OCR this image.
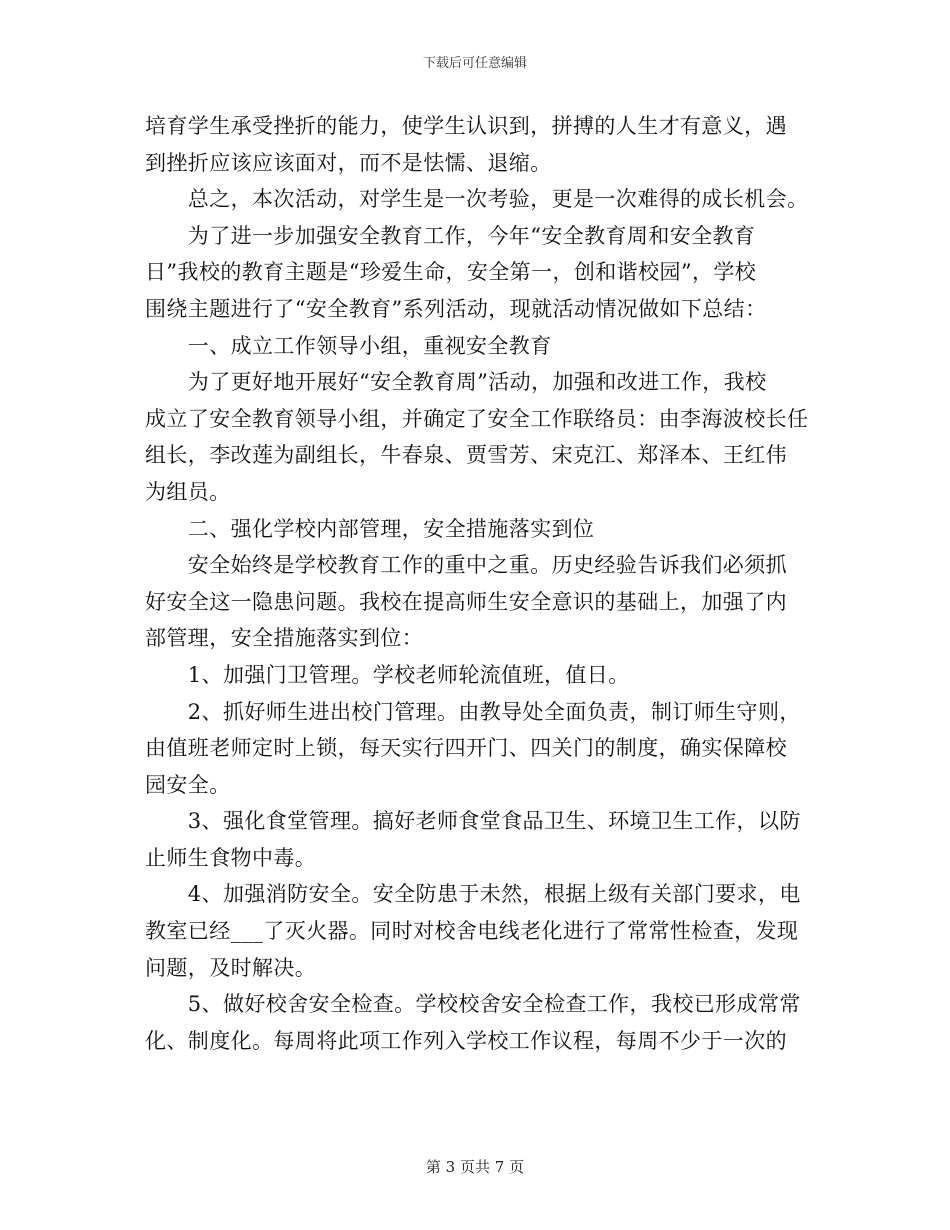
下载后可任意编辑
培育学生承受挫折的能力，使学生认识到，拼搏的人生才有意义，遇
到挫折应该应该面对，而不是怯懦、退缩。
　　总之，本次活动，对学生是一次考验，更是一次难得的成长机会。
　　为了进一步加强安全教育工作，今年“安全教育周和安全教育
日”我校的教育主题是“珍爱生命，安全第一，创和谐校园”，学校
围绕主题进行了“安全教育”系列活动，现就活动情况做如下总结：
　　一、成立工作领导小组，重视安全教育
　　为了更好地开展好“安全教育周”活动，加强和改进工作，我校
成立了安全教育领导小组，并确定了安全工作联络员：由李海波校长任
组长，李改莲为副组长，牛春泉、贾雪芳、宋克江、郑泽本、王红伟
为组员。
　　二、强化学校内部管理，安全措施落实到位
　　安全始终是学校教育工作的重中之重。历史经验告诉我们必须抓
好安全这一隐患问题。我校在提高师生安全意识的基础上，加强了内
部管理，安全措施落实到位：
　　1、加强门卫管理。学校老师轮流值班，值日。
　　2、抓好师生进出校门管理。由教导处全面负责，制订师生守则，
由值班老师定时上锁，每天实行四开门、四关门的制度，确实保障校
园安全。
　　3、强化食堂管理。搞好老师食堂食品卫生、环境卫生工作，以防
止师生食物中毒。
　　4、加强消防安全。安全防患于未然，根据上级有关部门要求，电
教室已经___了灭火器。同时对校舍电线老化进行了常常性检查，发现
问题，及时解决。
　　5、做好校舍安全检查。学校校舍安全检查工作，我校已形成常常
化、制度化。每周将此项工作列入学校工作议程，每周不少于一次的
第 3 页共 7 页
